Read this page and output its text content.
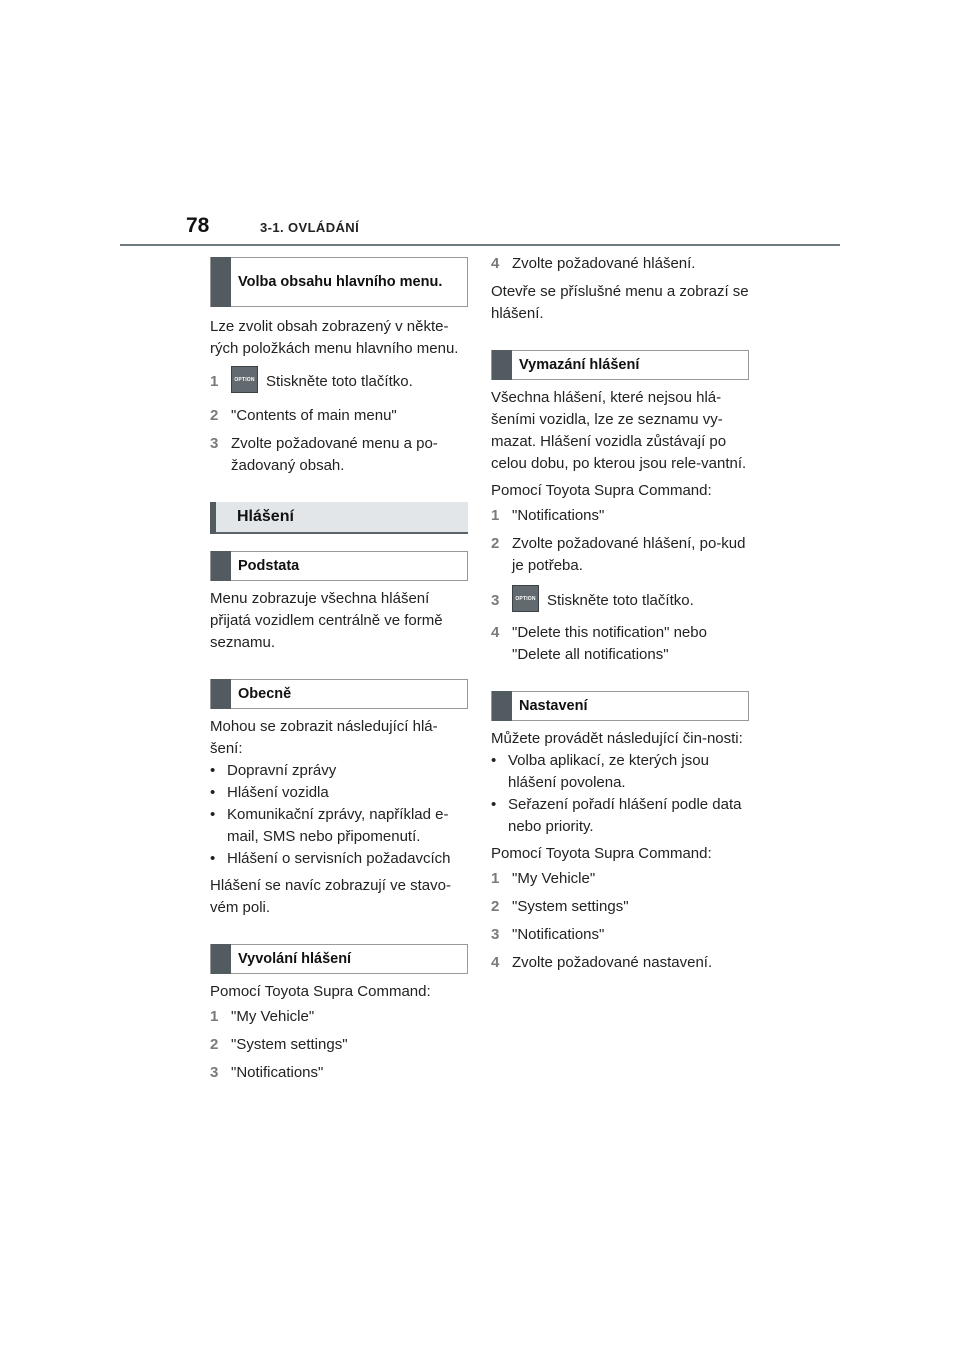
78	3-1. OVLÁDÁNÍ
Volba obsahu hlavního menu.

Lze zvolit obsah zobrazený v někte-rých položkách menu hlavního menu.

1	OPTION Stiskněte toto tlačítko.
2 "Contents of main menu"
3 Zvolte požadované menu a po-žadovaný obsah.
Hlášení
Podstata

Menu zobrazuje všechna hlášení přijatá vozidlem centrálně ve formě seznamu.

Obecně

Mohou se zobrazit následující hlá-šení:

• Dopravní zprávy
• Hlášení vozidla
• Komunikační zprávy, například e-mail, SMS nebo připomenutí.
• Hlášení o servisních požadavcích

Hlášení se navíc zobrazují ve stavo-vém poli.

Vyvolání hlášení

Pomocí Toyota Supra Command:

1 "My Vehicle"
2 "System settings"
3 "Notifications"
4 Zvolte požadované hlášení.

Otevře se příslušné menu a zobrazí se hlášení.

Vymazání hlášení

Všechna hlášení, které nejsou hlá-šeními vozidla, lze ze seznamu vy-mazat. Hlášení vozidla zůstávají po celou dobu, po kterou jsou rele-vantní.

Pomocí Toyota Supra Command:

1 "Notifications"
2 Zvolte požadované hlášení, po-kud je potřeba.
3	OPTION Stiskněte toto tlačítko.
4 "Delete this notification" nebo "Delete all notifications"
Nastavení

Můžete provádět následující čin-nosti:

• Volba aplikací, ze kterých jsou hlášení povolena.
• Seřazení pořadí hlášení podle data nebo priority.

Pomocí Toyota Supra Command:

1 "My Vehicle"
2 "System settings"
3 "Notifications"
4 Zvolte požadované nastavení.
